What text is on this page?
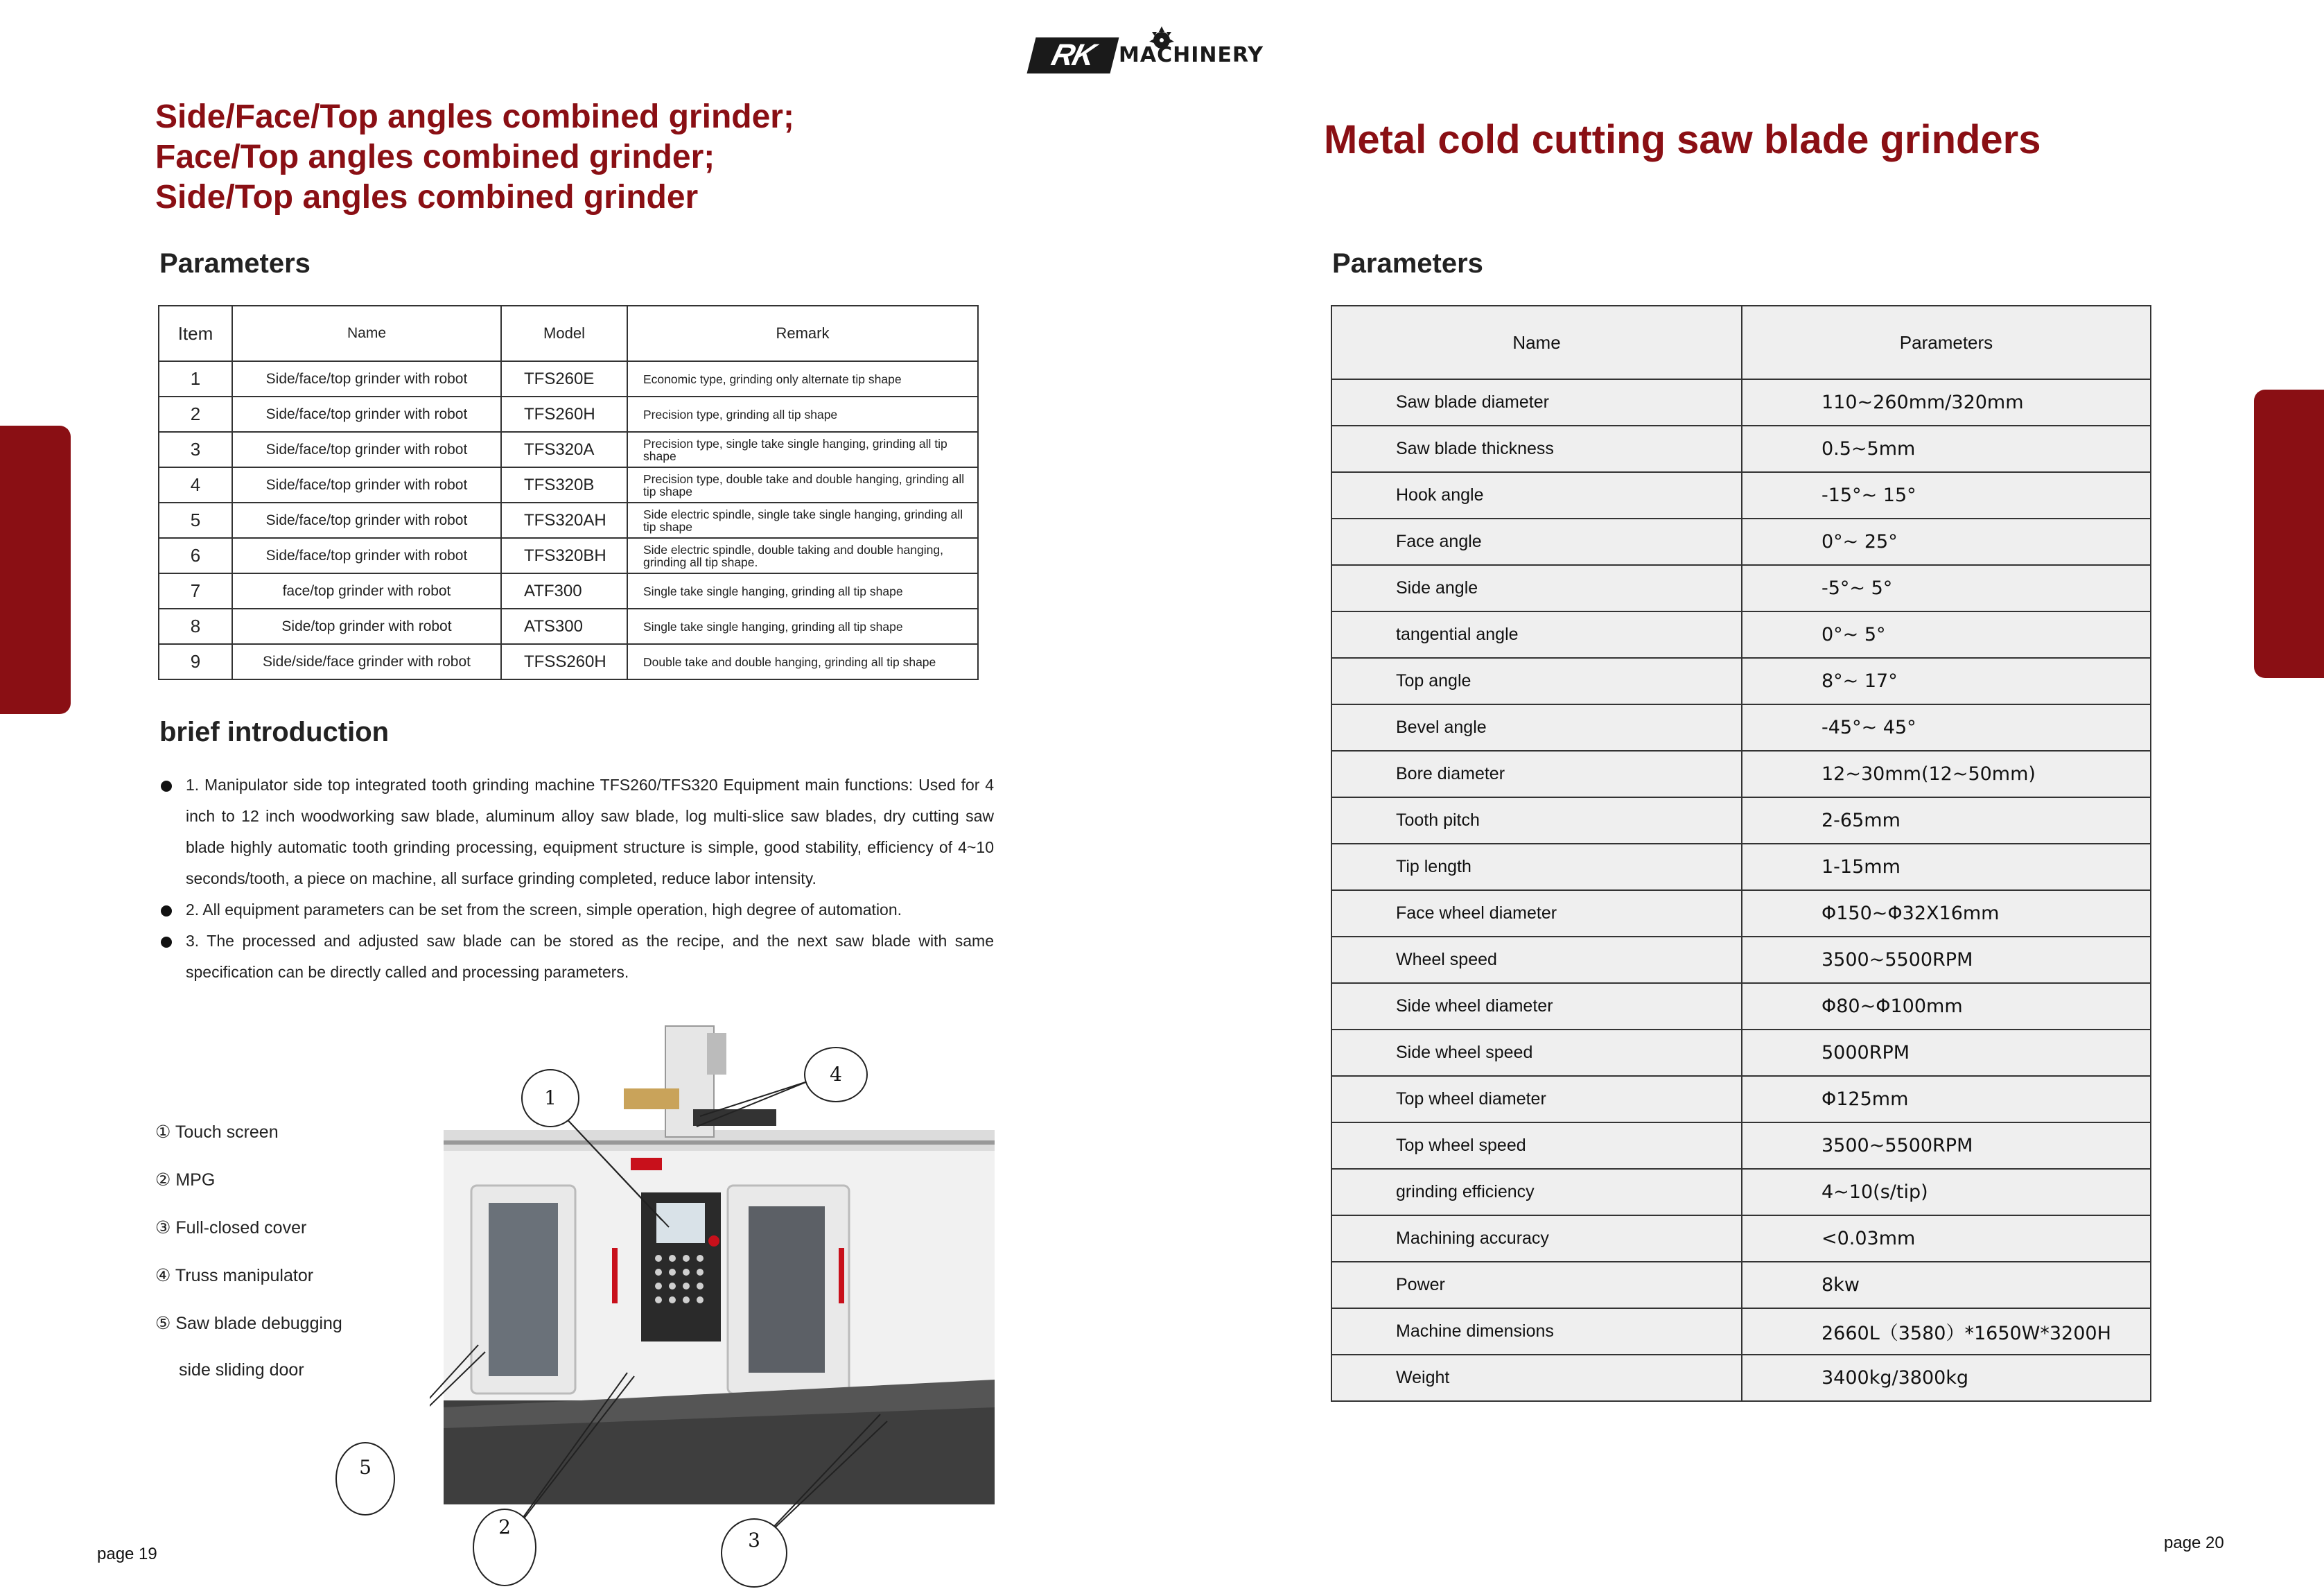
RK MACHINERY
Side/Face/Top angles combined grinder;
Face/Top angles combined grinder;
Side/Top angles combined grinder
Parameters
Item	Name	Model	Remark
1	Side/face/top grinder with robot	TFS260E	Economic type, grinding only alternate tip shape
2	Side/face/top grinder with robot	TFS260H	Precision type, grinding all tip shape
3	Side/face/top grinder with robot	TFS320A	Precision type, single take single hanging, grinding all tip shape
4	Side/face/top grinder with robot	TFS320B	Precision type, double take and double hanging, grinding all tip shape
5	Side/face/top grinder with robot	TFS320AH	Side electric spindle, single take single hanging, grinding all tip shape
6	Side/face/top grinder with robot	TFS320BH	Side electric spindle, double taking and double hanging, grinding all tip shape.
7	face/top grinder with robot	ATF300	Single take single hanging, grinding all tip shape
8	Side/top grinder with robot	ATS300	Single take single hanging, grinding all tip shape
9	Side/side/face grinder with robot	TFSS260H	Double take and double hanging, grinding all tip shape
brief introduction
1. Manipulator side top integrated tooth grinding machine TFS260/TFS320 Equipment main functions: Used for 4 inch to 12 inch woodworking saw blade, aluminum alloy saw blade, log multi-slice saw blades, dry cutting saw blade highly automatic tooth grinding processing, equipment structure is simple, good stability, efficiency of 4~10 seconds/tooth, a piece on machine, all surface grinding completed, reduce labor intensity.
2. All equipment parameters can be set from the screen, simple operation, high degree of automation.
3. The processed and adjusted saw blade can be stored as the recipe, and the next saw blade with same specification can be directly called and processing parameters.
① Touch screen
② MPG
③ Full-closed cover
④ Truss manipulator
⑤ Saw blade debugging
side sliding door
1
4
5
2
3
page 19
Metal cold cutting saw blade grinders
Parameters
Name	Parameters
Saw blade diameter	110~260mm/320mm
Saw blade thickness	0.5~5mm
Hook angle	-15°~ 15°
Face angle	0°~ 25°
Side angle	-5°~ 5°
tangential angle	0°~ 5°
Top angle	8°~ 17°
Bevel angle	-45°~ 45°
Bore diameter	12~30mm(12~50mm)
Tooth pitch	2-65mm
Tip length	1-15mm
Face wheel diameter	Φ150~Φ32X16mm
Wheel speed	3500~5500RPM
Side wheel diameter	Φ80~Φ100mm
Side wheel speed	5000RPM
Top wheel diameter	Φ125mm
Top wheel speed	3500~5500RPM
grinding efficiency	4~10(s/tip)
Machining accuracy	<0.03mm
Power	8kw
Machine dimensions	2660L（3580）*1650W*3200H
Weight	3400kg/3800kg
page 20
